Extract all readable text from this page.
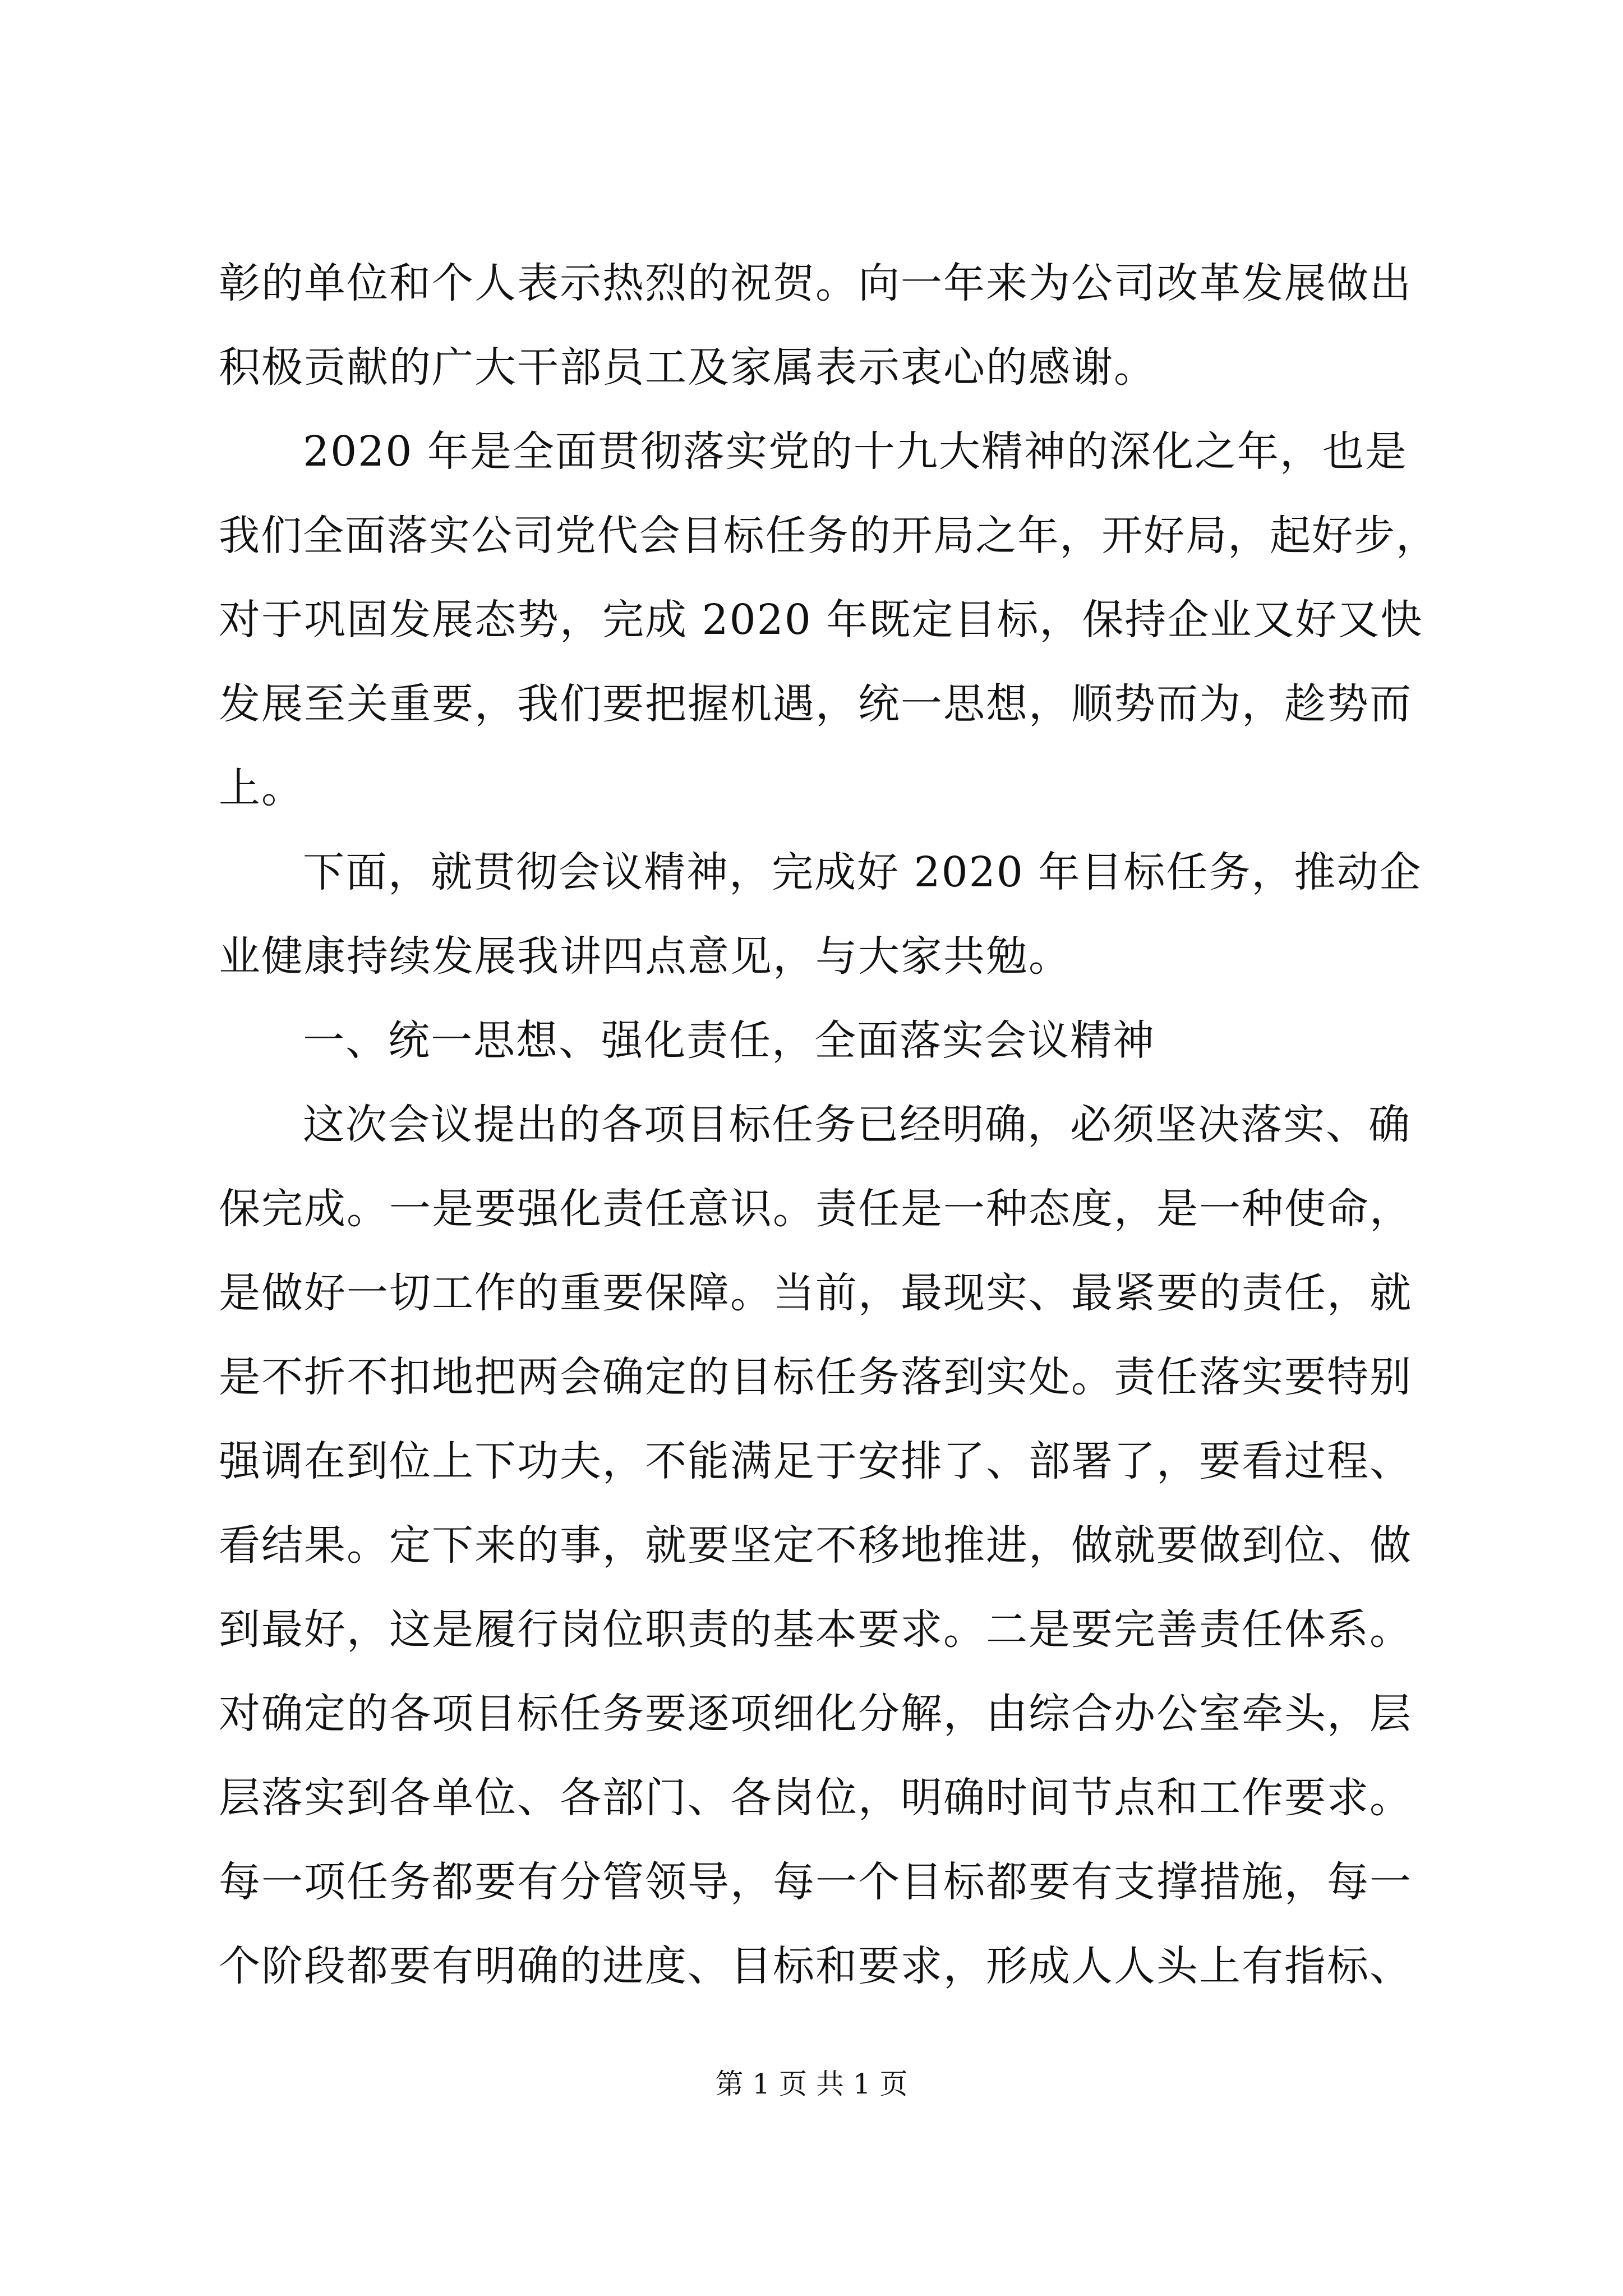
彰的单位和个人表示热烈的祝贺。向一年来为公司改革发展做出
积极贡献的广大干部员工及家属表示衷心的感谢。
2020 年是全面贯彻落实党的十九大精神的深化之年，也是
我们全面落实公司党代会目标任务的开局之年，开好局，起好步，
对于巩固发展态势，完成 2020 年既定目标，保持企业又好又快
发展至关重要，我们要把握机遇，统一思想，顺势而为，趁势而
上。
下面，就贯彻会议精神，完成好 2020 年目标任务，推动企
业健康持续发展我讲四点意见，与大家共勉。
一、统一思想、强化责任，全面落实会议精神
这次会议提出的各项目标任务已经明确，必须坚决落实、确
保完成。一是要强化责任意识。责任是一种态度，是一种使命，
是做好一切工作的重要保障。当前，最现实、最紧要的责任，就
是不折不扣地把两会确定的目标任务落到实处。责任落实要特别
强调在到位上下功夫，不能满足于安排了、部署了，要看过程、
看结果。定下来的事，就要坚定不移地推进，做就要做到位、做
到最好，这是履行岗位职责的基本要求。二是要完善责任体系。
对确定的各项目标任务要逐项细化分解，由综合办公室牵头，层
层落实到各单位、各部门、各岗位，明确时间节点和工作要求。
每一项任务都要有分管领导，每一个目标都要有支撑措施，每一
个阶段都要有明确的进度、目标和要求，形成人人头上有指标、
第 1 页 共 1 页
